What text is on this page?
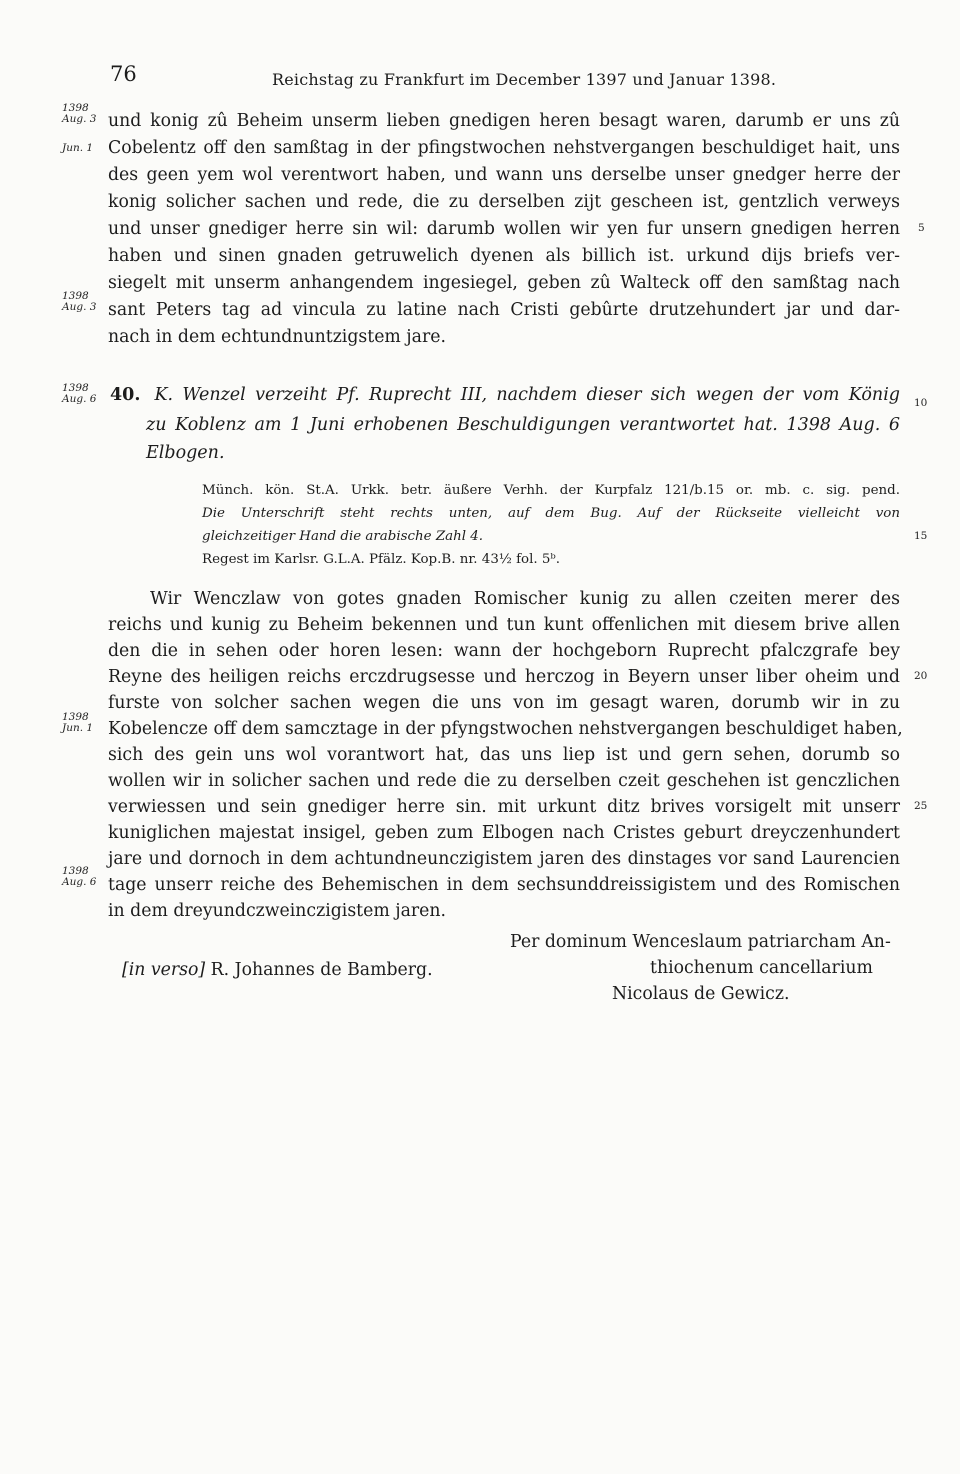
76	Reichstag zu Frankfurt im December 1397 und Januar 1398.
und konig zû Beheim unserm lieben gnedigen heren besagt waren, darumb er uns zû
Cobelentz off den samßtag in der pfingstwochen nehstvergangen beschuldiget hait, uns
des geen yem wol verentwort haben, und wann uns derselbe unser gnedger herre der
konig solicher sachen und rede, die zu derselben zijt gescheen ist, gentzlich verweys
und unser gnediger herre sin wil: darumb wollen wir yen fur unsern gnedigen herren
haben und sinen gnaden getruwelich dyenen als billich ist. urkund dijs briefs ver-
siegelt mit unserm anhangendem ingesiegel, geben zû Walteck off den samßtag nach
sant Peters tag ad vincula zu latine nach Cristi gebûrte drutzehundert jar und dar-
nach in dem echtundnuntzigstem jare.
1398
Aug. 3
Jun. 1
1398
Aug. 3
1398
Aug. 6 40. K. Wenzel verzeiht Pf. Ruprecht III, nachdem dieser sich wegen der vom König
zu Koblenz am 1 Juni erhobenen Beschuldigungen verantwortet hat. 1398 Aug. 6
Elbogen.
Münch. kön. St.A. Urkk. betr. äußere Verhh. der Kurpfalz 121/b.15 or. mb. c. sig. pend.
Die Unterschrift steht rechts unten, auf dem Bug. Auf der Rückseite vielleicht von
gleichzeitiger Hand die arabische Zahl 4.
Regest im Karlsr. G.L.A. Pfälz. Kop.B. nr. 43½ fol. 5ᵇ.
Wir Wenczlaw von gotes gnaden Romischer kunig zu allen czeiten merer des
reichs und kunig zu Beheim bekennen und tun kunt offenlichen mit diesem brive allen
den die in sehen oder horen lesen: wann der hochgeborn Ruprecht pfalczgrafe bey
Reyne des heiligen reichs erczdrugsesse und herczog in Beyern unser liber oheim und
furste von solcher sachen wegen die uns von im gesagt waren, dorumb wir in zu
Kobelencze off dem samcztage in der pfyngstwochen nehstvergangen beschuldiget haben,
sich des gein uns wol vorantwort hat, das uns liep ist und gern sehen, dorumb so
wollen wir in solicher sachen und rede die zu derselben czeit geschehen ist genczlichen
verwiessen und sein gnediger herre sin. mit urkunt ditz brives vorsigelt mit unserr
kuniglichen majestat insigel, geben zum Elbogen nach Cristes geburt dreyczenhundert
jare und dornoch in dem achtundneunczigistem jaren des dinstages vor sand Laurencien
tage unserr reiche des Behemischen in dem sechsunddreissigistem und des Romischen
in dem dreyundczweinczigistem jaren.
1398
Jun. 1
1398
Aug. 6
[in verso] R. Johannes de Bamberg.
Per dominum Wenceslaum patriarcham An-
thiochenum cancellarium
Nicolaus de Gewicz.
5
10
15
20
25
